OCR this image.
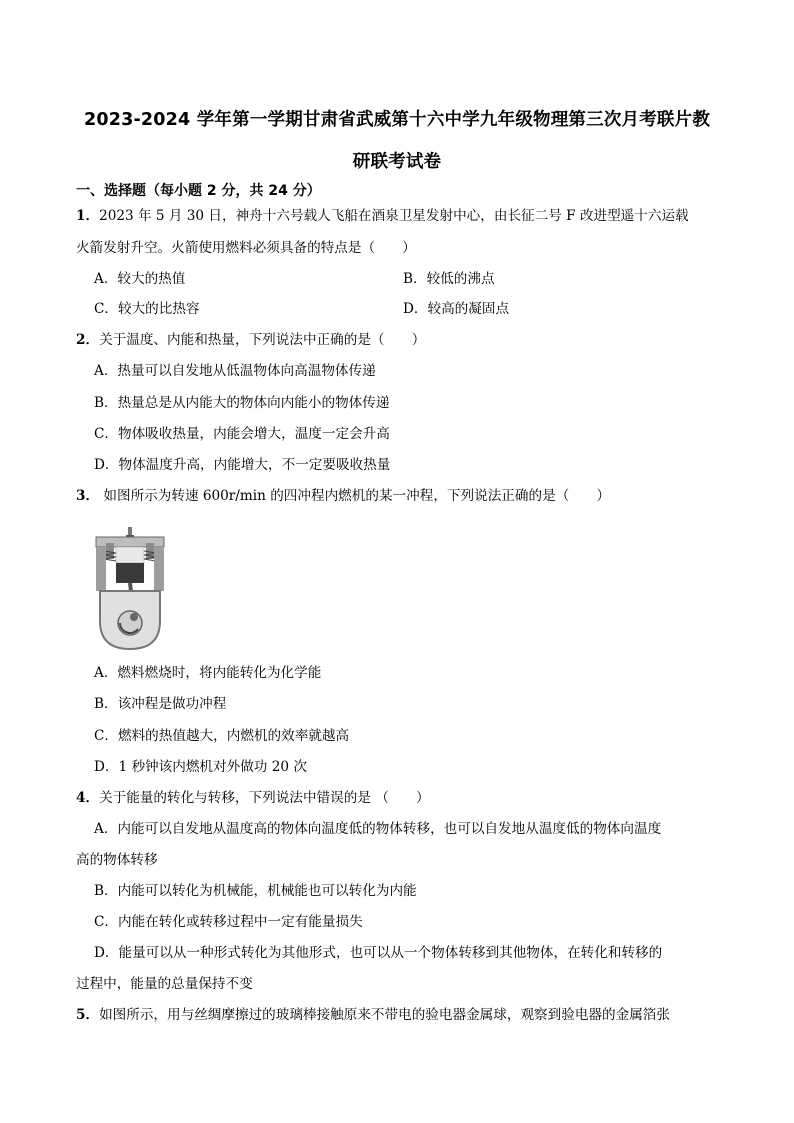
2023-2024 学年第一学期甘肃省武威第十六中学九年级物理第三次月考联片教
研联考试卷
一、选择题（每小题 2 分，共 24 分）
1．2023 年 5 月 30 日，神舟十六号载人飞船在酒泉卫星发射中心，由长征二号 F 改进型遥十六运载
火箭发射升空。火箭使用燃料必须具备的特点是（　　）
A．较大的热值	B．较低的沸点
C．较大的比热容	D．较高的凝固点
2．关于温度、内能和热量，下列说法中正确的是（　　）
A．热量可以自发地从低温物体向高温物体传递
B．热量总是从内能大的物体向内能小的物体传递
C．物体吸收热量，内能会增大，温度一定会升高
D．物体温度升高，内能增大，不一定要吸收热量
3． 如图所示为转速 600r/min 的四冲程内燃机的某一冲程，下列说法正确的是（　　）
A．燃料燃烧时，将内能转化为化学能
B．该冲程是做功冲程
C．燃料的热值越大，内燃机的效率就越高
D．1 秒钟该内燃机对外做功 20 次
4．关于能量的转化与转移，下列说法中错误的是 （　　）
A．内能可以自发地从温度高的物体向温度低的物体转移，也可以自发地从温度低的物体向温度
高的物体转移
B．内能可以转化为机械能，机械能也可以转化为内能
C．内能在转化或转移过程中一定有能量损失
D．能量可以从一种形式转化为其他形式，也可以从一个物体转移到其他物体，在转化和转移的
过程中，能量的总量保持不变
5．如图所示，用与丝绸摩擦过的玻璃棒接触原来不带电的验电器金属球，观察到验电器的金属箔张
